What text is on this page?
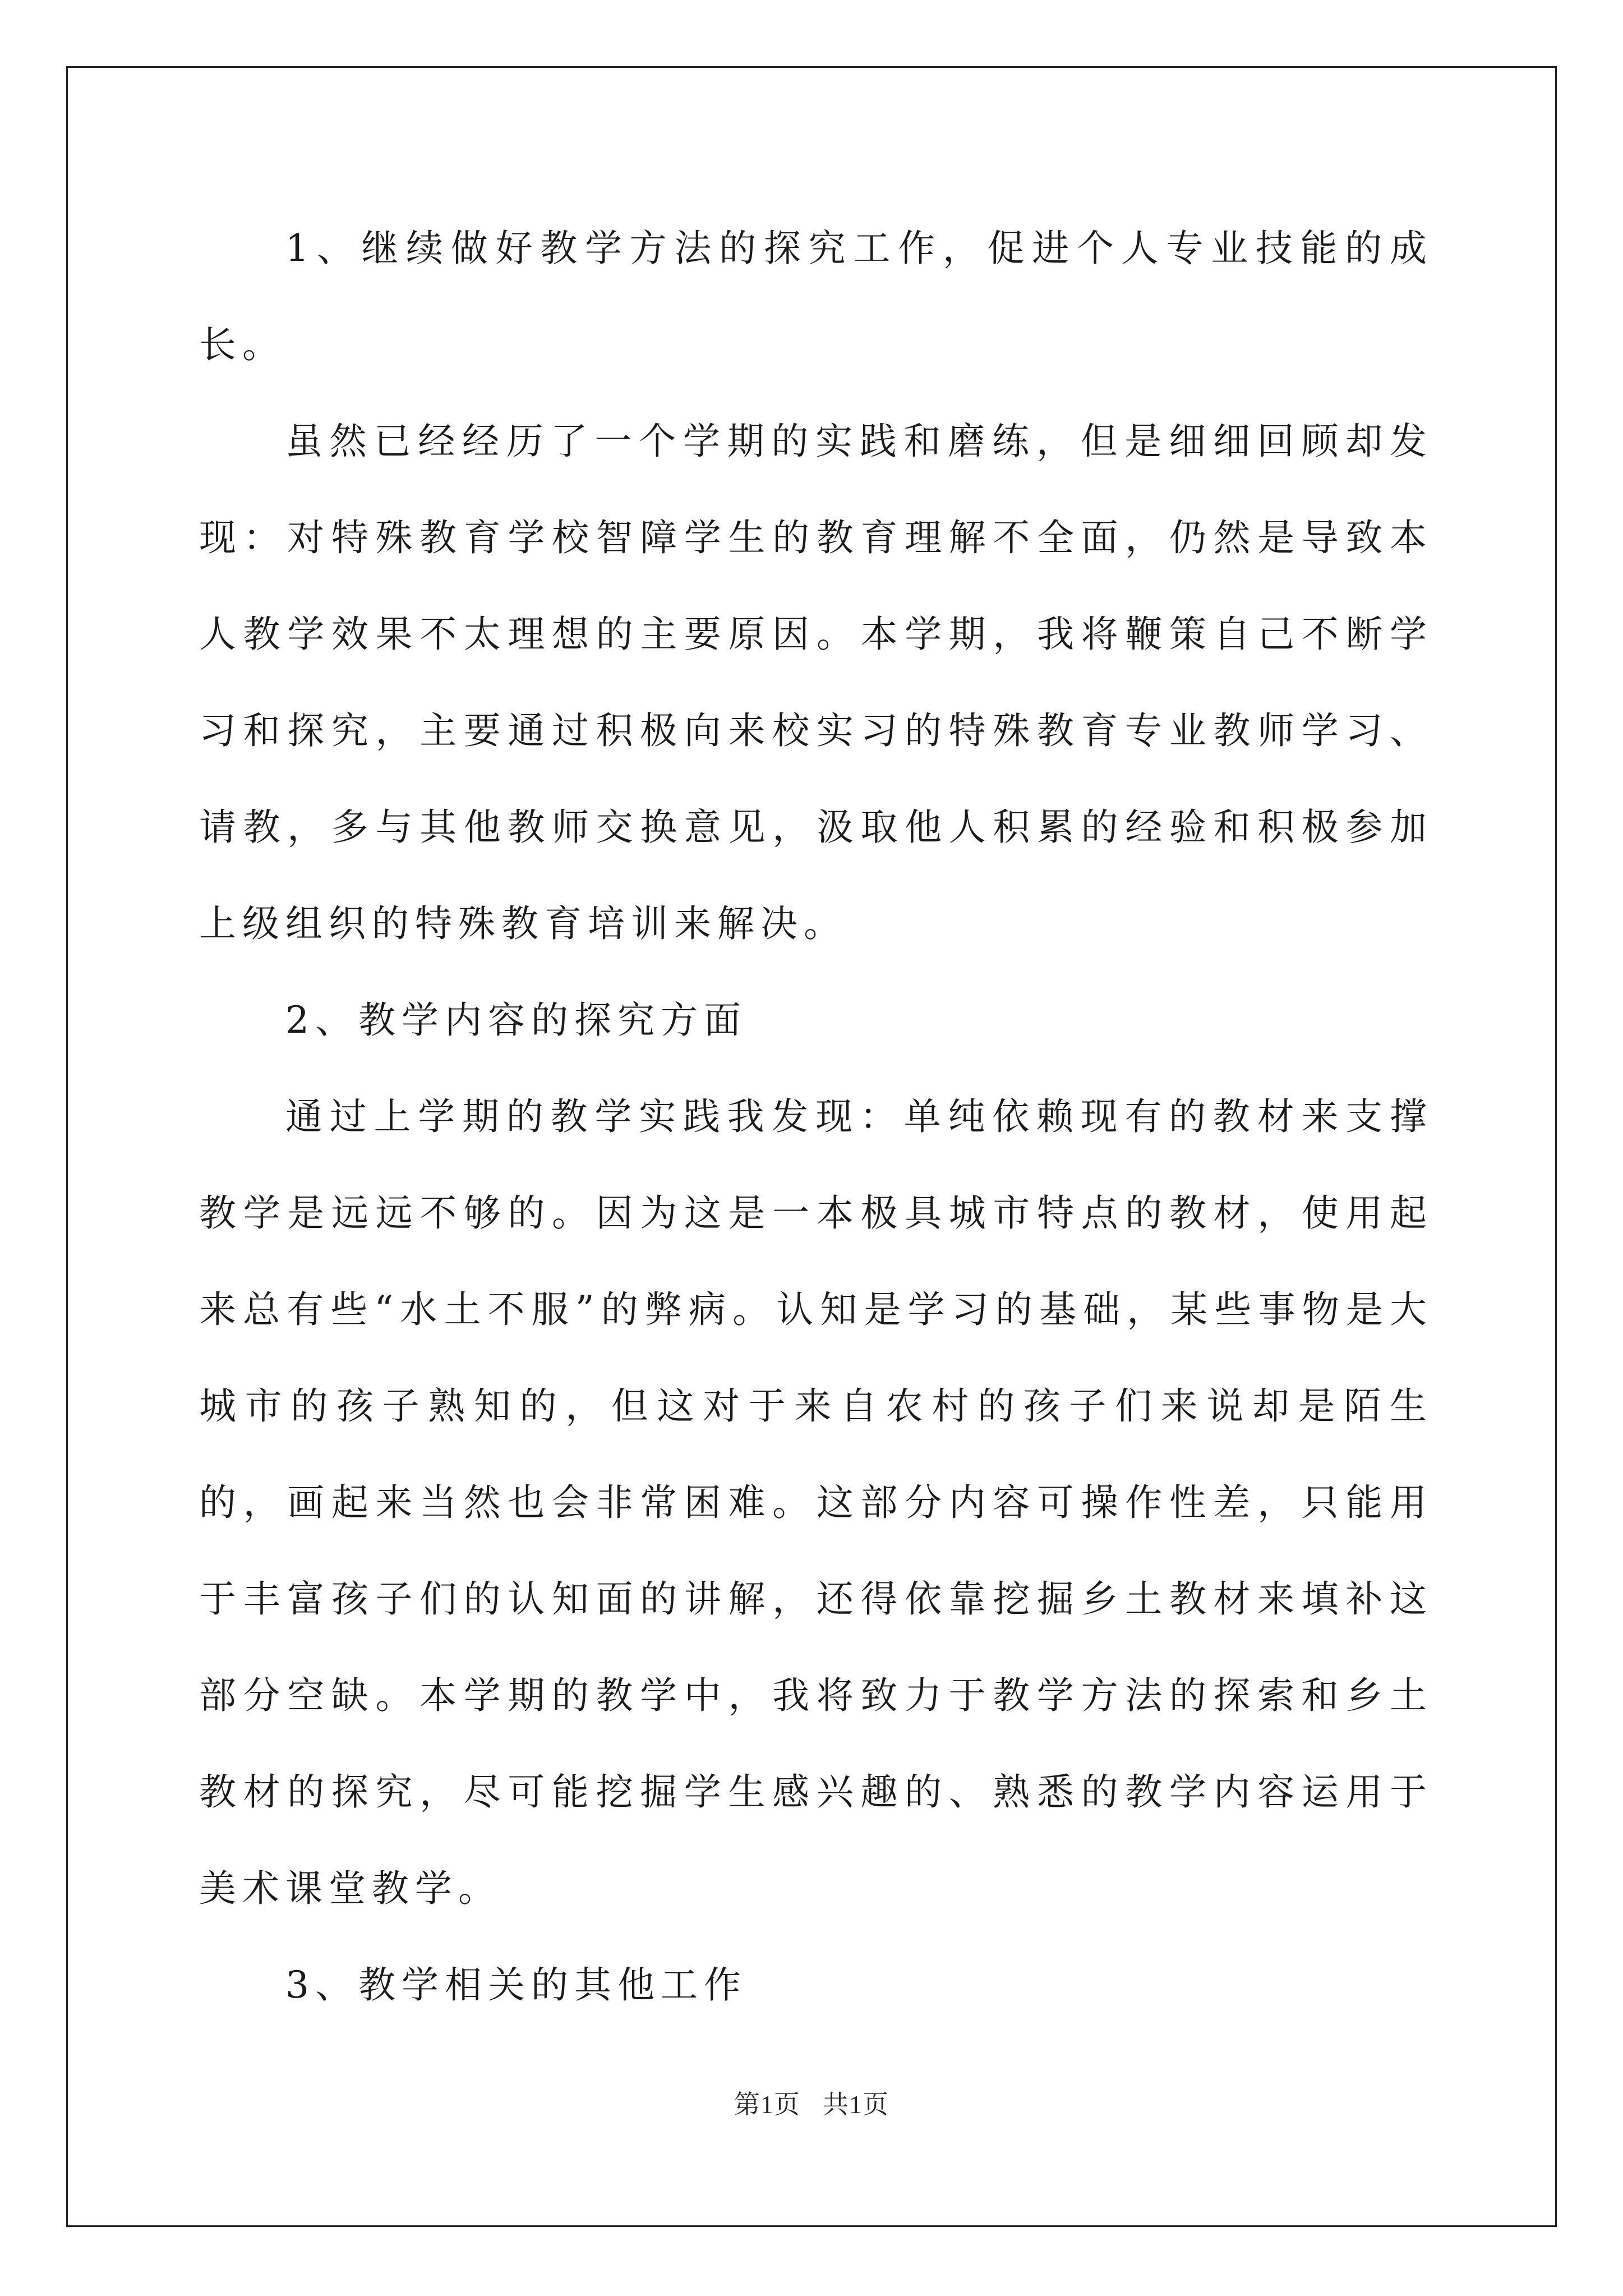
1、继续做好教学方法的探究工作，促进个人专业技能的成长。

虽然已经经历了一个学期的实践和磨练，但是细细回顾却发现：对特殊教育学校智障学生的教育理解不全面，仍然是导致本人教学效果不太理想的主要原因。本学期，我将鞭策自己不断学习和探究，主要通过积极向来校实习的特殊教育专业教师学习、请教，多与其他教师交换意见，汲取他人积累的经验和积极参加上级组织的特殊教育培训来解决。

2、教学内容的探究方面

通过上学期的教学实践我发现：单纯依赖现有的教材来支撑教学是远远不够的。因为这是一本极具城市特点的教材，使用起来总有些“水土不服”的弊病。认知是学习的基础，某些事物是大城市的孩子熟知的，但这对于来自农村的孩子们来说却是陌生的，画起来当然也会非常困难。这部分内容可操作性差，只能用于丰富孩子们的认知面的讲解，还得依靠挖掘乡土教材来填补这部分空缺。本学期的教学中，我将致力于教学方法的探索和乡土教材的探究，尽可能挖掘学生感兴趣的、熟悉的教学内容运用于美术课堂教学。

3、教学相关的其他工作

第1页 共1页
